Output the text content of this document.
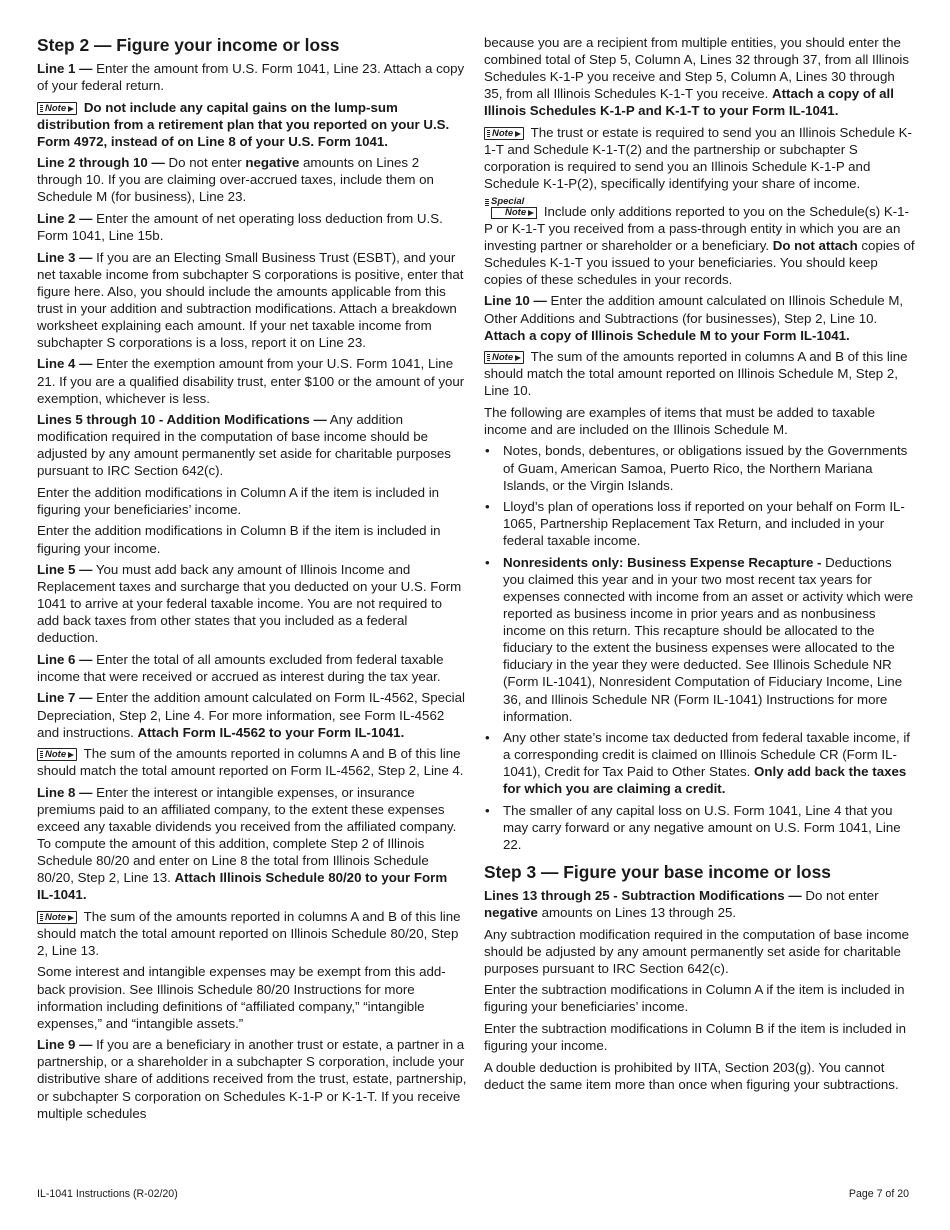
Step 2 — Figure your income or loss

Line 1 — Enter the amount from U.S. Form 1041, Line 23. Attach a copy of your federal return.

Note Do not include any capital gains on the lump-sum distribution from a retirement plan that you reported on your U.S. Form 4972, instead of on Line 8 of your U.S. Form 1041.

Line 2 through 10 — Do not enter negative amounts on Lines 2 through 10. If you are claiming over-accrued taxes, include them on Schedule M (for business), Line 23.

Line 2 — Enter the amount of net operating loss deduction from U.S. Form 1041, Line 15b.

Line 3 — If you are an Electing Small Business Trust (ESBT), and your net taxable income from subchapter S corporations is positive, enter that figure here. Also, you should include the amounts applicable from this trust in your addition and subtraction modifications. Attach a breakdown worksheet explaining each amount. If your net taxable income from subchapter S corporations is a loss, report it on Line 23.

Line 4 — Enter the exemption amount from your U.S. Form 1041, Line 21. If you are a qualified disability trust, enter $100 or the amount of your exemption, whichever is less.

Lines 5 through 10 - Addition Modifications — Any addition modification required in the computation of base income should be adjusted by any amount permanently set aside for charitable purposes pursuant to IRC Section 642(c).

Enter the addition modifications in Column A if the item is included in figuring your beneficiaries’ income.

Enter the addition modifications in Column B if the item is included in figuring your income.

Line 5 — You must add back any amount of Illinois Income and Replacement taxes and surcharge that you deducted on your U.S. Form 1041 to arrive at your federal taxable income. You are not required to add back taxes from other states that you included as a federal deduction.

Line 6 — Enter the total of all amounts excluded from federal taxable income that were received or accrued as interest during the tax year.

Line 7 — Enter the addition amount calculated on Form IL-4562, Special Depreciation, Step 2, Line 4. For more information, see Form IL-4562 and instructions. Attach Form IL-4562 to your Form IL-1041.

Note The sum of the amounts reported in columns A and B of this line should match the total amount reported on Form IL-4562, Step 2, Line 4.

Line 8 — Enter the interest or intangible expenses, or insurance premiums paid to an affiliated company, to the extent these expenses exceed any taxable dividends you received from the affiliated company. To compute the amount of this addition, complete Step 2 of Illinois Schedule 80/20 and enter on Line 8 the total from Illinois Schedule 80/20, Step 2, Line 13. Attach Illinois Schedule 80/20 to your Form IL-1041.

Note The sum of the amounts reported in columns A and B of this line should match the total amount reported on Illinois Schedule 80/20, Step 2, Line 13.

Some interest and intangible expenses may be exempt from this add-back provision. See Illinois Schedule 80/20 Instructions for more information including definitions of “affiliated company,” “intangible expenses,” and “intangible assets.”

Line 9 — If you are a beneficiary in another trust or estate, a partner in a partnership, or a shareholder in a subchapter S corporation, include your distributive share of additions received from the trust, estate, partnership, or subchapter S corporation on Schedules K-1-P or K-1-T. If you receive multiple schedules

because you are a recipient from multiple entities, you should enter the combined total of Step 5, Column A, Lines 32 through 37, from all Illinois Schedules K-1-P you receive and Step 5, Column A, Lines 30 through 35, from all Illinois Schedules K-1-T you receive. Attach a copy of all Illinois Schedules K-1-P and K-1-T to your Form IL-1041.

Note The trust or estate is required to send you an Illinois Schedule K-1-T and Schedule K-1-T(2) and the partnership or subchapter S corporation is required to send you an Illinois Schedule K-1-P and Schedule K-1-P(2), specifically identifying your share of income.

Special
Note	Include only additions reported to you on the Schedule(s) K-1-P or K-1-T you received from a pass-through entity in which you are an investing partner or shareholder or a beneficiary. Do not attach copies of Schedules K-1-T you issued to your beneficiaries. You should keep copies of these schedules in your records.

Line 10 — Enter the addition amount calculated on Illinois Schedule M, Other Additions and Subtractions (for businesses), Step 2, Line 10. Attach a copy of Illinois Schedule M to your Form IL-1041.

Note The sum of the amounts reported in columns A and B of this line should match the total amount reported on Illinois Schedule M, Step 2, Line 10.

The following are examples of items that must be added to taxable income and are included on the Illinois Schedule M.

• Notes, bonds, debentures, or obligations issued by the Governments of Guam, American Samoa, Puerto Rico, the Northern Mariana Islands, or the Virgin Islands.
• Lloyd’s plan of operations loss if reported on your behalf on Form IL-1065, Partnership Replacement Tax Return, and included in your federal taxable income.
• Nonresidents only: Business Expense Recapture - Deductions you claimed this year and in your two most recent tax years for expenses connected with income from an asset or activity which were reported as business income in prior years and as nonbusiness income on this return. This recapture should be allocated to the fiduciary to the extent the business expenses were allocated to the fiduciary in the year they were deducted. See Illinois Schedule NR (Form IL-1041), Nonresident Computation of Fiduciary Income, Line 36, and Illinois Schedule NR (Form IL-1041) Instructions for more information.
• Any other state’s income tax deducted from federal taxable income, if a corresponding credit is claimed on Illinois Schedule CR (Form IL-1041), Credit for Tax Paid to Other States. Only add back the taxes for which you are claiming a credit.
• The smaller of any capital loss on U.S. Form 1041, Line 4 that you may carry forward or any negative amount on U.S. Form 1041, Line 22.
Step 3 — Figure your base income or loss

Lines 13 through 25 - Subtraction Modifications — Do not enter negative amounts on Lines 13 through 25.

Any subtraction modification required in the computation of base income should be adjusted by any amount permanently set aside for charitable purposes pursuant to IRC Section 642(c).

Enter the subtraction modifications in Column A if the item is included in figuring your beneficiaries’ income.

Enter the subtraction modifications in Column B if the item is included in figuring your income.

A double deduction is prohibited by IITA, Section 203(g). You cannot deduct the same item more than once when figuring your subtractions.

IL-1041 Instructions (R-02/20)	Page 7 of 20
